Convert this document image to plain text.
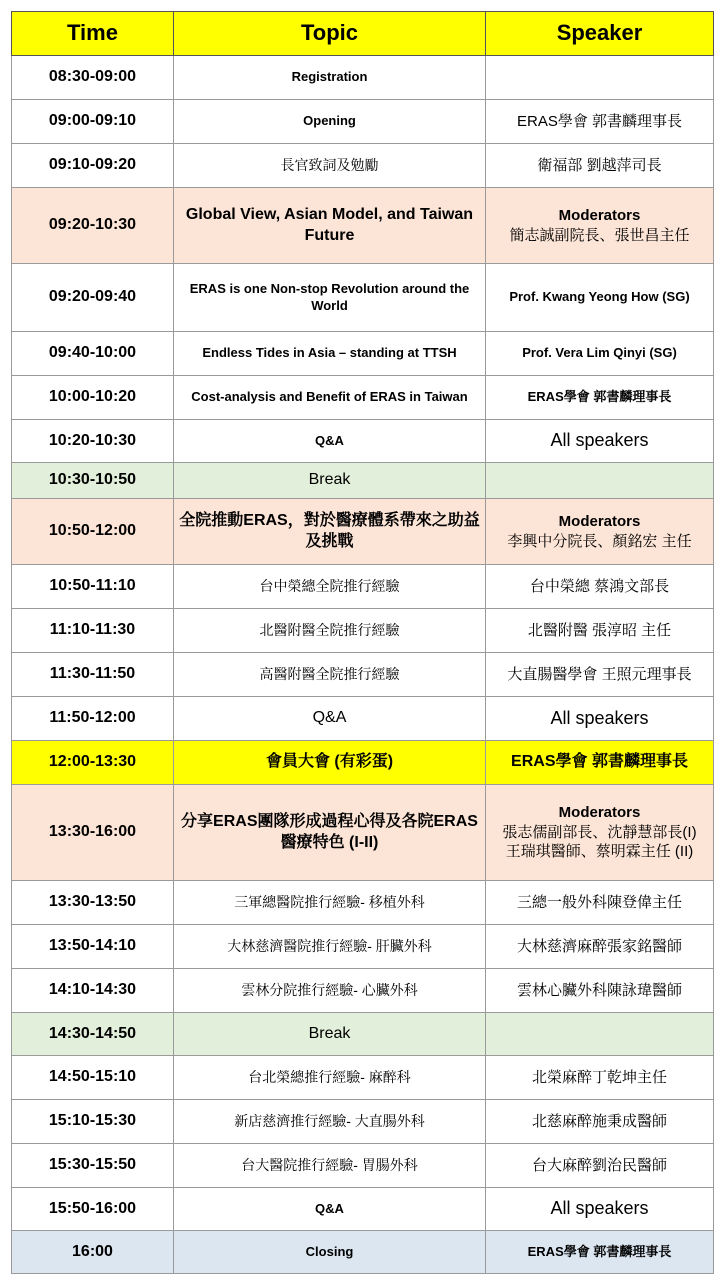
Time	Topic	Speaker
08:30-09:00	Registration	
09:00-09:10	Opening	ERAS學會 郭書麟理事長
09:10-09:20	長官致詞及勉勵	衛福部 劉越萍司長
09:20-10:30	Global View, Asian Model, and Taiwan Future	Moderators
簡志誠副院長、張世昌主任

09:20-09:40	ERAS is one Non-stop Revolution around the World	Prof. Kwang Yeong How (SG)
09:40-10:00	Endless Tides in Asia – standing at TTSH	Prof. Vera Lim Qinyi (SG)
10:00-10:20	Cost-analysis and Benefit of ERAS in Taiwan	ERAS學會 郭書麟理事長
10:20-10:30	Q&A	All speakers
10:30-10:50	Break	
10:50-12:00	全院推動ERAS，對於醫療體系帶來之助益及挑戰	Moderators
李興中分院長、顏銘宏 主任

10:50-11:10	台中榮總全院推行經驗	台中榮總 蔡鴻文部長
11:10-11:30	北醫附醫全院推行經驗	北醫附醫 張淳昭 主任
11:30-11:50	高醫附醫全院推行經驗	大直腸醫學會 王照元理事長
11:50-12:00	Q&A	All speakers
12:00-13:30	會員大會 (有彩蛋)	ERAS學會 郭書麟理事長
13:30-16:00	分享ERAS團隊形成過程心得及各院ERAS醫療特色 (I-II)	Moderators
張志儒副部長、沈靜慧部長(I)
王瑞琪醫師、蔡明霖主任 (II)

13:30-13:50	三軍總醫院推行經驗- 移植外科	三總一般外科陳登偉主任
13:50-14:10	大林慈濟醫院推行經驗- 肝臟外科	大林慈濟麻醉張家銘醫師
14:10-14:30	雲林分院推行經驗- 心臟外科	雲林心臟外科陳詠瑋醫師
14:30-14:50	Break	
14:50-15:10	台北榮總推行經驗- 麻醉科	北榮麻醉丁乾坤主任
15:10-15:30	新店慈濟推行經驗- 大直腸外科	北慈麻醉施秉成醫師
15:30-15:50	台大醫院推行經驗- 胃腸外科	台大麻醉劉治民醫師
15:50-16:00	Q&A	All speakers
16:00	Closing	ERAS學會 郭書麟理事長
